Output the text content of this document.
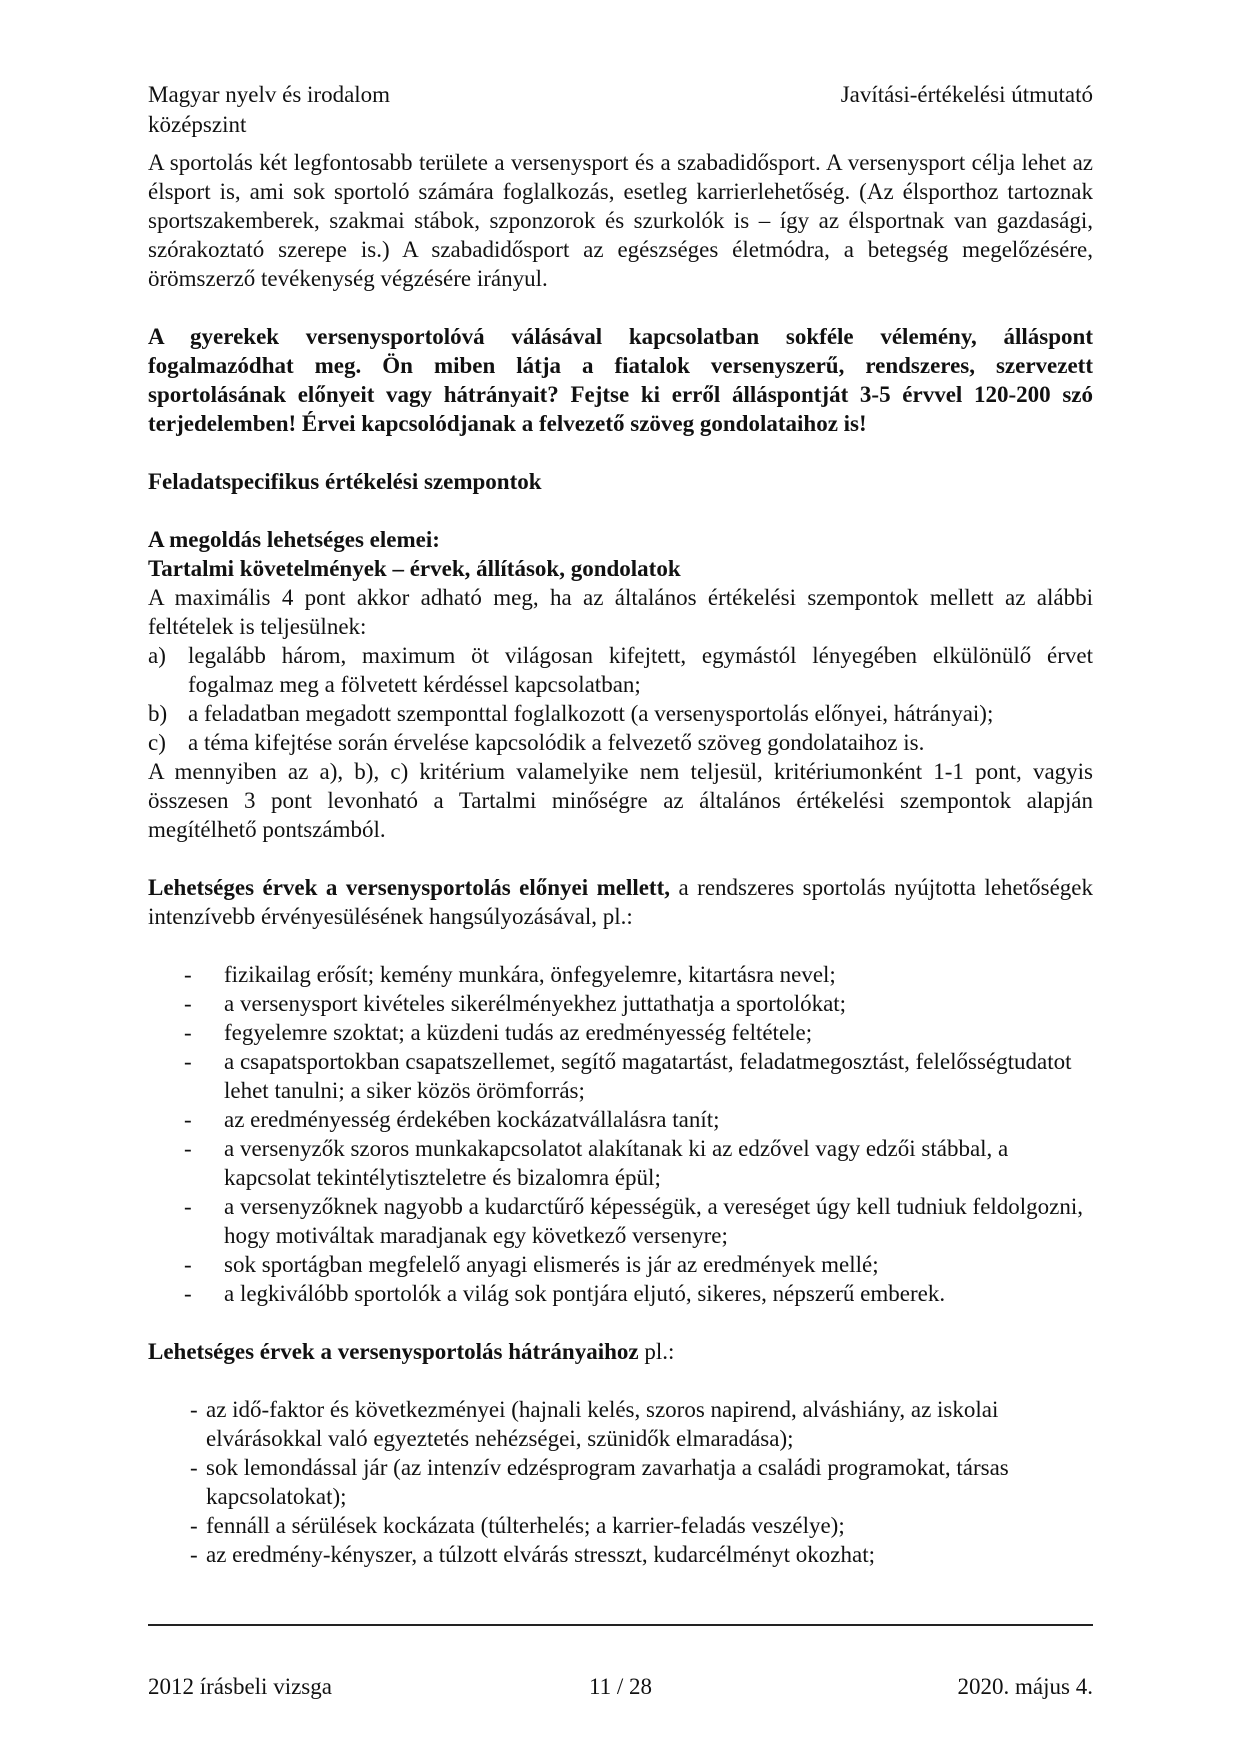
Magyar nyelv és irodalom
középszint
Javítási-értékelési útmutató

A sportolás két legfontosabb területe a versenysport és a szabadidősport. A versenysport célja lehet az élsport is, ami sok sportoló számára foglalkozás, esetleg karrierlehetőség. (Az élsporthoz tartoznak sportszakemberek, szakmai stábok, szponzorok és szurkolók is – így az élsportnak van gazdasági, szórakoztató szerepe is.) A szabadidősport az egészséges életmódra, a betegség megelőzésére, örömszerző tevékenység végzésére irányul.

A gyerekek versenysportolóvá válásával kapcsolatban sokféle vélemény, álláspont fogalmazódhat meg. Ön miben látja a fiatalok versenyszerű, rendszeres, szervezett sportolásának előnyeit vagy hátrányait? Fejtse ki erről álláspontját 3-5 érvvel 120-200 szó terjedelemben! Érvei kapcsolódjanak a felvezető szöveg gondolataihoz is!

Feladatspecifikus értékelési szempontok

A megoldás lehetséges elemei:

Tartalmi követelmények – érvek, állítások, gondolatok

A maximális 4 pont akkor adható meg, ha az általános értékelési szempontok mellett az alábbi feltételek is teljesülnek:

a) legalább három, maximum öt világosan kifejtett, egymástól lényegében elkülönülő érvet fogalmaz meg a fölvetett kérdéssel kapcsolatban;
b) a feladatban megadott szemponttal foglalkozott (a versenysportolás előnyei, hátrányai);
c) a téma kifejtése során érvelése kapcsolódik a felvezető szöveg gondolataihoz is.

A mennyiben az a), b), c) kritérium valamelyike nem teljesül, kritériumonként 1-1 pont, vagyis összesen 3 pont levonható a Tartalmi minőségre az általános értékelési szempontok alapján megítélhető pontszámból.

Lehetséges érvek a versenysportolás előnyei mellett, a rendszeres sportolás nyújtotta lehetőségek intenzívebb érvényesülésének hangsúlyozásával, pl.:

-	fizikailag erősít; kemény munkára, önfegyelemre, kitartásra nevel;
-	a versenysport kivételes sikerélményekhez juttathatja a sportolókat;
-	fegyelemre szoktat; a küzdeni tudás az eredményesség feltétele;
-	a csapatsportokban csapatszellemet, segítő magatartást, feladatmegosztást, felelősségtudatot lehet tanulni; a siker közös örömforrás;
-	az eredményesség érdekében kockázatvállalásra tanít;
-	a versenyzők szoros munkakapcsolatot alakítanak ki az edzővel vagy edzői stábbal, a kapcsolat tekintélytiszteletre és bizalomra épül;
-	a versenyzőknek nagyobb a kudarctűrő képességük, a vereséget úgy kell tudniuk feldolgozni, hogy motiváltak maradjanak egy következő versenyre;
-	sok sportágban megfelelő anyagi elismerés is jár az eredmények mellé;
-	a legkiválóbb sportolók a világ sok pontjára eljutó, sikeres, népszerű emberek.

Lehetséges érvek a versenysportolás hátrányaihoz pl.:

- az idő-faktor és következményei (hajnali kelés, szoros napirend, alváshiány, az iskolai elvárásokkal való egyeztetés nehézségei, szünidők elmaradása);
- sok lemondással jár (az intenzív edzésprogram zavarhatja a családi programokat, társas kapcsolatokat);
- fennáll a sérülések kockázata (túlterhelés; a karrier-feladás veszélye);
- az eredmény-kényszer, a túlzott elvárás stresszt, kudarcélményt okozhat;
2012 írásbeli vizsga	11 / 28	2020. május 4.
